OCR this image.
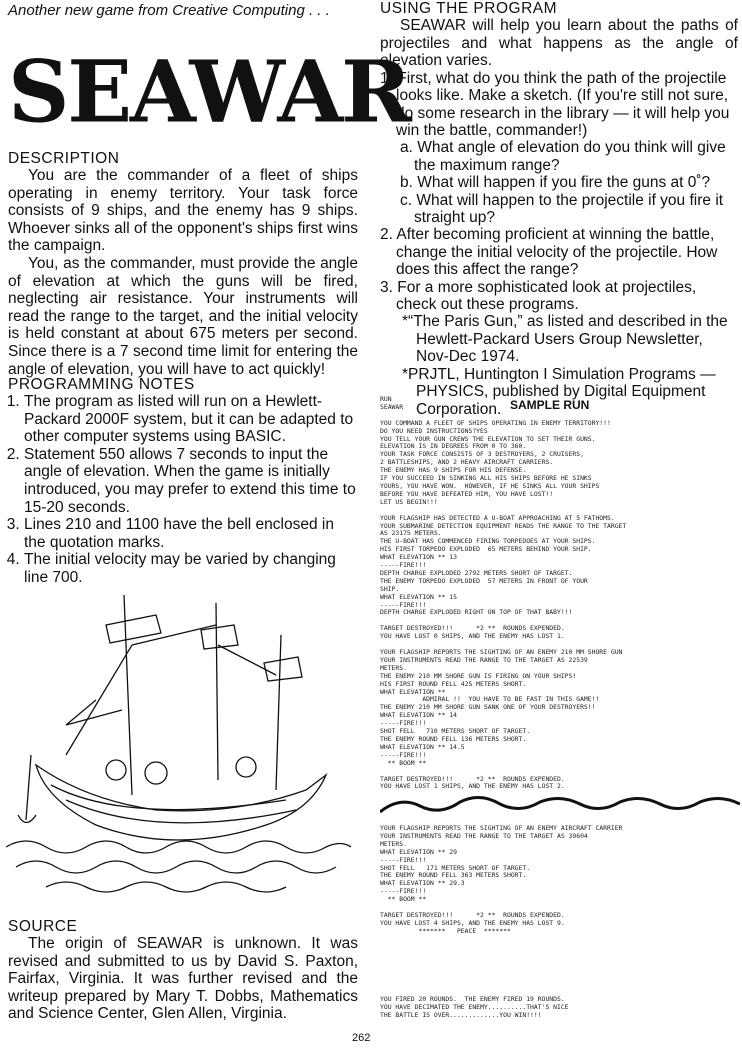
Another new game from Creative Computing . . .
SEAWAR
DESCRIPTION

You are the commander of a fleet of ships operating in enemy territory. Your task force consists of 9 ships, and the enemy has 9 ships. Whoever sinks all of the opponent's ships first wins the campaign.

You, as the commander, must provide the angle of elevation at which the guns will be fired, neglecting air resistance. Your instruments will read the range to the target, and the initial velocity is held constant at about 675 meters per second. Since there is a 7 second time limit for entering the angle of elevation, you will have to act quickly!

PROGRAMMING NOTES
1. The program as listed will run on a Hewlett-Packard 2000F system, but it can be adapted to other computer systems using BASIC.
2. Statement 550 allows 7 seconds to input the angle of elevation. When the game is initially introduced, you may prefer to extend this time to 15-20 seconds.
3. Lines 210 and 1100 have the bell enclosed in the quotation marks.
4. The initial velocity may be varied by changing line 700.
SOURCE

The origin of SEAWAR is unknown. It was revised and submitted to us by David S. Paxton, Fairfax, Virginia. It was further revised and the writeup prepared by Mary T. Dobbs, Mathematics and Science Center, Glen Allen, Virginia.

USING THE PROGRAM

SEAWAR will help you learn about the paths of projectiles and what happens as the angle of elevation varies.

1. First, what do you think the path of the projectile looks like. Make a sketch. (If you're still not sure, do some research in the library — it will help you win the battle, commander!)

a. What angle of elevation do you think will give the maximum range?

b. What will happen if you fire the guns at 0˚?

c. What will happen to the projectile if you fire it straight up?

2. After becoming proficient at winning the battle, change the initial velocity of the projectile. How does this affect the range?

3. For a more sophisticated look at projectiles, check out these programs.

*“The Paris Gun,” as listed and described in the Hewlett-Packard Users Group Newsletter, Nov-Dec 1974.

*PRJTL, Huntington I Simulation Programs — PHYSICS, published by Digital Equipment Corporation. SAMPLE RUN
RUN
SEAWAR

YOU COMMAND A FLEET OF SHIPS OPERATING IN ENEMY TERRITORY!!!
DO YOU NEED INSTRUCTIONS?YES
YOU TELL YOUR GUN CREWS THE ELEVATION TO SET THEIR GUNS.
ELEVATION IS IN DEGREES FROM 0 TO 360.
YOUR TASK FORCE CONSISTS OF 3 DESTROYERS, 2 CRUISERS,
2 BATTLESHIPS, AND 2 HEAVY AIRCRAFT CARRIERS.
THE ENEMY HAS 9 SHIPS FOR HIS DEFENSE.
IF YOU SUCCEED IN SINKING ALL HIS SHIPS BEFORE HE SINKS
YOURS, YOU HAVE WON.  HOWEVER, IF HE SINKS ALL YOUR SHIPS
BEFORE YOU HAVE DEFEATED HIM, YOU HAVE LOST!!
LET US BEGIN!!!

YOUR FLAGSHIP HAS DETECTED A U-BOAT APPROACHING AT 5 FATHOMS.
YOUR SUBMARINE DETECTION EQUIPMENT READS THE RANGE TO THE TARGET
AS 23175 METERS.
THE U-BOAT HAS COMMENCED FIRING TORPEDOES AT YOUR SHIPS.
HIS FIRST TORPEDO EXPLODED  65 METERS BEHIND YOUR SHIP.
WHAT ELEVATION ** 13
-----FIRE!!!
DEPTH CHARGE EXPLODED 2792 METERS SHORT OF TARGET.
THE ENEMY TORPEDO EXPLODED  57 METERS IN FRONT OF YOUR
SHIP.
WHAT ELEVATION ** 15
-----FIRE!!!
DEPTH CHARGE EXPLODED RIGHT ON TOP OF THAT BABY!!!

TARGET DESTROYED!!!      *2 **  ROUNDS EXPENDED.
YOU HAVE LOST 0 SHIPS, AND THE ENEMY HAS LOST 1.

YOUR FLAGSHIP REPORTS THE SIGHTING OF AN ENEMY 210 MM SHORE GUN
YOUR INSTRUMENTS READ THE RANGE TO THE TARGET AS 22539
METERS.
THE ENEMY 210 MM SHORE GUN IS FIRING ON YOUR SHIPS!
HIS FIRST ROUND FELL 425 METERS SHORT.
WHAT ELEVATION **
ADMIRAL !!  YOU HAVE TO BE FAST IN THIS GAME!!
THE ENEMY 210 MM SHORE GUN SANK ONE OF YOUR DESTROYERS!!
WHAT ELEVATION ** 14
-----FIRE!!!
SHOT FELL   710 METERS SHORT OF TARGET.
THE ENEMY ROUND FELL 136 METERS SHORT.
WHAT ELEVATION ** 14.5
-----FIRE!!!
** BOOM **

TARGET DESTROYED!!!      *2 **  ROUNDS EXPENDED.
YOU HAVE LOST 1 SHIPS, AND THE ENEMY HAS LOST 2.
YOUR FLAGSHIP REPORTS THE SIGHTING OF AN ENEMY AIRCRAFT CARRIER
YOUR INSTRUMENTS READ THE RANGE TO THE TARGET AS 39604
METERS.
WHAT ELEVATION ** 29
-----FIRE!!!
SHOT FELL   171 METERS SHORT OF TARGET.
THE ENEMY ROUND FELL 363 METERS SHORT.
WHAT ELEVATION ** 29.3
-----FIRE!!!
** BOOM **

TARGET DESTROYED!!!      *2 **  ROUNDS EXPENDED.
YOU HAVE LOST 4 SHIPS, AND THE ENEMY HAS LOST 9.
*******   PEACE  *******
YOU FIRED 20 ROUNDS.  THE ENEMY FIRED 19 ROUNDS.
YOU HAVE DECIMATED THE ENEMY..........THAT'S NICE
THE BATTLE IS OVER.............YOU WIN!!!!
262
